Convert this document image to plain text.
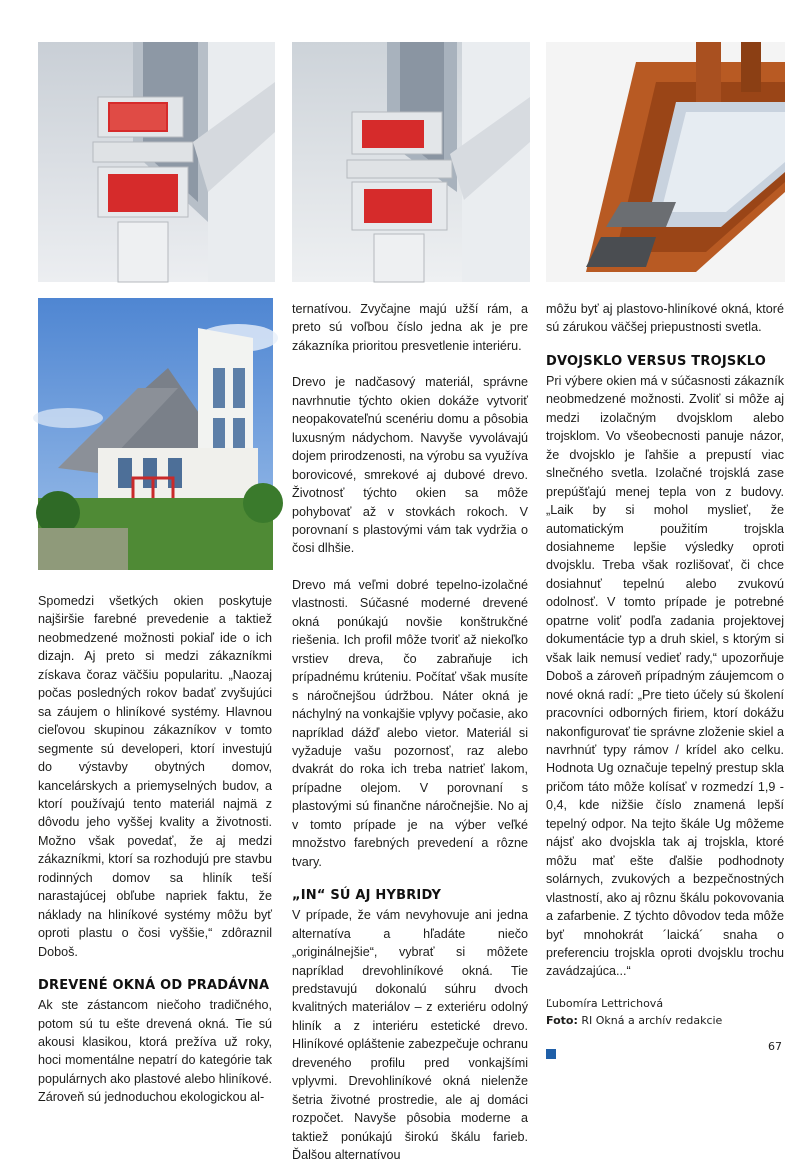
Spomedzi všetkých okien poskytuje najširšie farebné prevedenie a taktiež neobmedzené možnosti pokiaľ ide o ich dizajn. Aj preto si medzi zákazníkmi získava čoraz väčšiu popularitu. „Naozaj počas posledných rokov badať zvyšujúci sa záujem o hliníkové systémy. Hlavnou cieľovou skupinou zákazníkov v tomto segmente sú developeri, ktorí investujú do výstavby obytných domov, kancelárskych a priemyselných budov, a ktorí používajú tento materiál najmä z dôvodu jeho vyššej kvality a životnosti. Možno však povedať, že aj medzi zákazníkmi, ktorí sa rozhodujú pre stavbu rodinných domov sa hliník teší narastajúcej obľube napriek faktu, že náklady na hliníkové systémy môžu byť oproti plastu o čosi vyššie,“ zdôraznil Doboš.

DREVENÉ OKNÁ OD PRADÁVNA

Ak ste zástancom niečoho tradičného, potom sú tu ešte drevená okná. Tie sú akousi klasikou, ktorá prežíva už roky, hoci momentálne nepatrí do kategórie tak populárnych ako plastové alebo hliníkové. Zároveň sú jednoduchou ekologickou al-

ternatívou. Zvyčajne majú užší rám, a preto sú voľbou číslo jedna ak je pre zákazníka prioritou presvetlenie interiéru.

Drevo je nadčasový materiál, správne navrhnutie týchto okien dokáže vytvoriť neopakovateľnú scenériu domu a pôsobia luxusným nádychom. Navyše vyvolávajú dojem prirodzenosti, na výrobu sa využíva borovicové, smrekové aj dubové drevo. Životnosť týchto okien sa môže pohybovať až v stovkách rokoch. V porovnaní s plastovými vám tak vydržia o čosi dlhšie.

Drevo má veľmi dobré tepelno-izolačné vlastnosti. Súčasné moderné drevené okná ponúkajú novšie konštrukčné riešenia. Ich profil môže tvoriť až niekoľko vrstiev dreva, čo zabraňuje ich prípadnému krúteniu. Počítať však musíte s náročnejšou údržbou. Náter okná je náchylný na vonkajšie vplyvy počasie, ako napríklad dážď alebo vietor. Materiál si vyžaduje vašu pozornosť, raz alebo dvakrát do roka ich treba natrieť lakom, prípadne olejom. V porovnaní s plastovými sú finančne náročnejšie. No aj v tomto prípade je na výber veľké množstvo farebných prevedení a rôzne tvary.

„IN“ SÚ AJ HYBRIDY

V prípade, že vám nevyhovuje ani jedna alternatíva a hľadáte niečo „originálnejšie“, vybrať si môžete napríklad drevohliníkové okná. Tie predstavujú dokonalú súhru dvoch kvalitných materiálov – z exteriéru odolný hliník a z interiéru estetické drevo. Hliníkové opláštenie zabezpečuje ochranu dreveného profilu pred vonkajšími vplyvmi. Drevohliníkové okná nielenže šetria životné prostredie, ale aj domáci rozpočet. Navyše pôsobia moderne a taktiež ponúkajú širokú škálu farieb. Ďalšou alternatívou

môžu byť aj plastovo-hliníkové okná, ktoré sú zárukou väčšej priepustnosti svetla.

DVOJSKLO VERSUS TROJSKLO

Pri výbere okien má v súčasnosti zákazník neobmedzené možnosti. Zvoliť si môže aj medzi izolačným dvojsklom alebo trojsklom. Vo všeobecnosti panuje názor, že dvojsklo je ľahšie a prepustí viac slnečného svetla. Izolačné trojsklá zase prepúšťajú menej tepla von z budovy. „Laik by si mohol myslieť, že automatickým použitím trojskla dosiahneme lepšie výsledky oproti dvojsklu. Treba však rozlišovať, či chce dosiahnuť tepelnú alebo zvukovú odolnosť. V tomto prípade je potrebné opatrne voliť podľa zadania projektovej dokumentácie typ a druh skiel, s ktorým si však laik nemusí vedieť rady,“ upozorňuje Doboš a zároveň prípadným záujemcom o nové okná radí: „Pre tieto účely sú školení pracovníci odborných firiem, ktorí dokážu nakonfigurovať tie správne zloženie skiel a navrhnúť typy rámov / krídel ako celku. Hodnota Ug označuje tepelný prestup skla pričom táto môže kolísať v rozmedzí 1,9 - 0,4, kde nižšie číslo znamená lepší tepelný odpor. Na tejto škále Ug môžeme nájsť ako dvojskla tak aj trojskla, ktoré môžu mať ešte ďalšie podhodnoty solárnych, zvukových a bezpečnostných vlastností, ako aj rôznu škálu pokovovania a zafarbenie. Z týchto dôvodov teda môže byť mnohokrát ´laická´ snaha o preferenciu trojskla oproti dvojsklu trochu zavádzajúca...“

Ľubomíra Lettrichová

Foto: RI Okná a archív redakcie

67
